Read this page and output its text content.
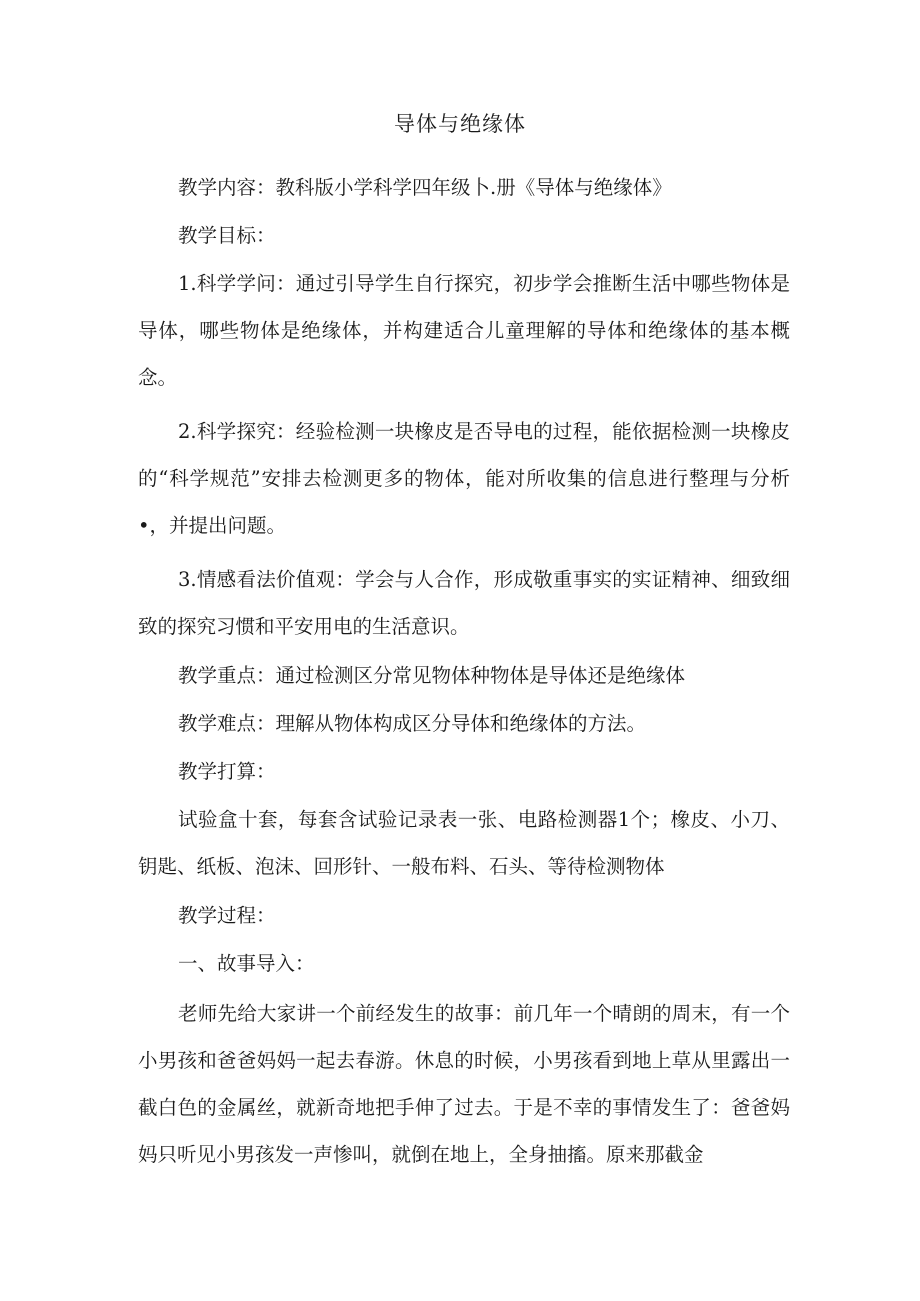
导体与绝缘体

教学内容：教科版小学科学四年级卜.册《导体与绝缘体》

教学目标：

1.科学学问：通过引导学生自行探究，初步学会推断生活中哪些物体是导体，哪些物体是绝缘体，并构建适合儿童理解的导体和绝缘体的基本概念。

2.科学探究：经验检测一块橡皮是否导电的过程，能依据检测一块橡皮的“科学规范”安排去检测更多的物体，能对所收集的信息进行整理与分析•，并提出问题。

3.情感看法价值观：学会与人合作，形成敬重事实的实证精神、细致细致的探究习惯和平安用电的生活意识。

教学重点：通过检测区分常见物体种物体是导体还是绝缘体

教学难点：理解从物体构成区分导体和绝缘体的方法。

教学打算：

试验盒十套，每套含试验记录表一张、电路检测器1个；橡皮、小刀、钥匙、纸板、泡沫、回形针、一般布料、石头、等待检测物体

教学过程：

一、故事导入：

老师先给大家讲一个前经发生的故事：前几年一个晴朗的周末，有一个小男孩和爸爸妈妈一起去春游。休息的时候，小男孩看到地上草从里露出一截白色的金属丝，就新奇地把手伸了过去。于是不幸的事情发生了：爸爸妈妈只听见小男孩发一声惨叫，就倒在地上，全身抽搐。原来那截金
